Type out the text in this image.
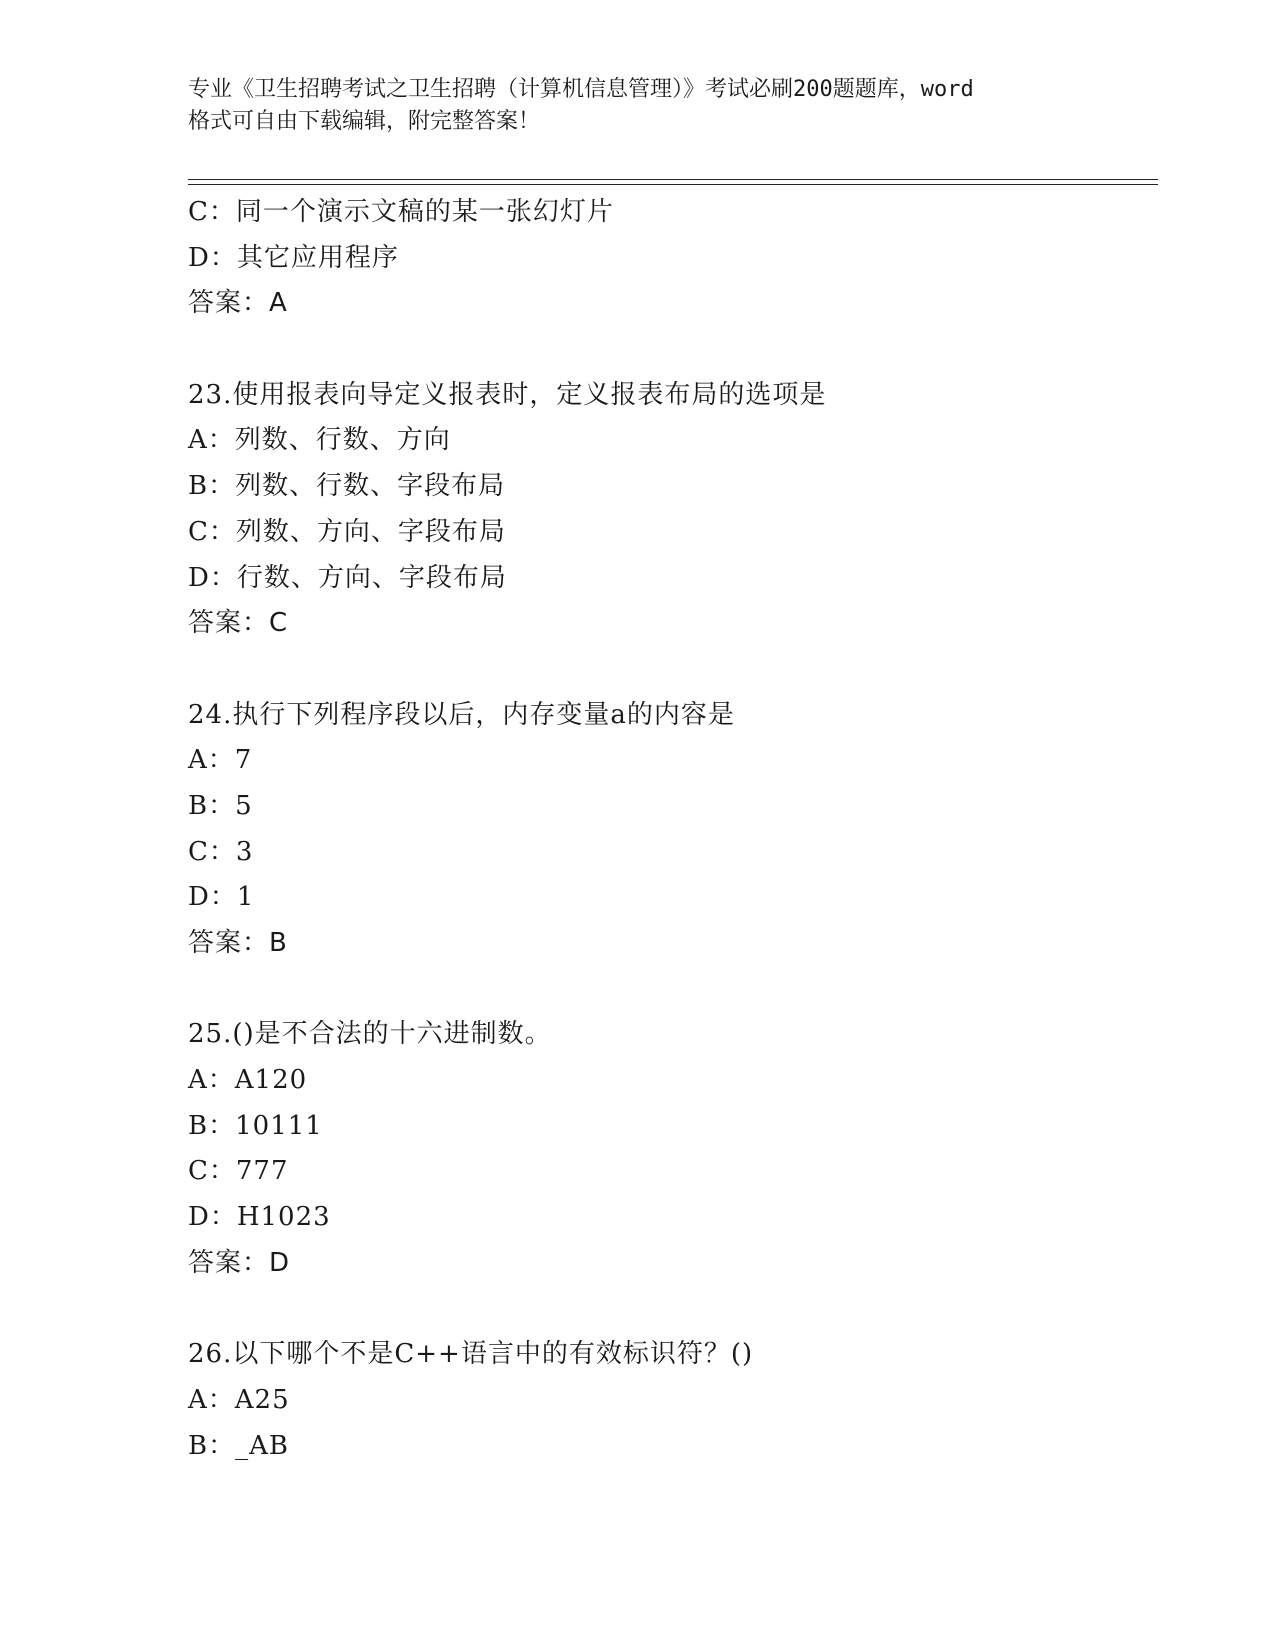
专业《卫生招聘考试之卫生招聘（计算机信息管理）》考试必刷200题题库，word
格式可自由下载编辑，附完整答案！
C：同一个演示文稿的某一张幻灯片
D：其它应用程序
答案：A
23.使用报表向导定义报表时，定义报表布局的选项是
A：列数、行数、方向
B：列数、行数、字段布局
C：列数、方向、字段布局
D：行数、方向、字段布局
答案：C
24.执行下列程序段以后，内存变量a的内容是
A：7
B：5
C：3
D：1
答案：B
25.()是不合法的十六进制数。
A：A120
B：10111
C：777
D：H1023
答案：D
26.以下哪个不是C++语言中的有效标识符？()
A：A25
B：_AB
